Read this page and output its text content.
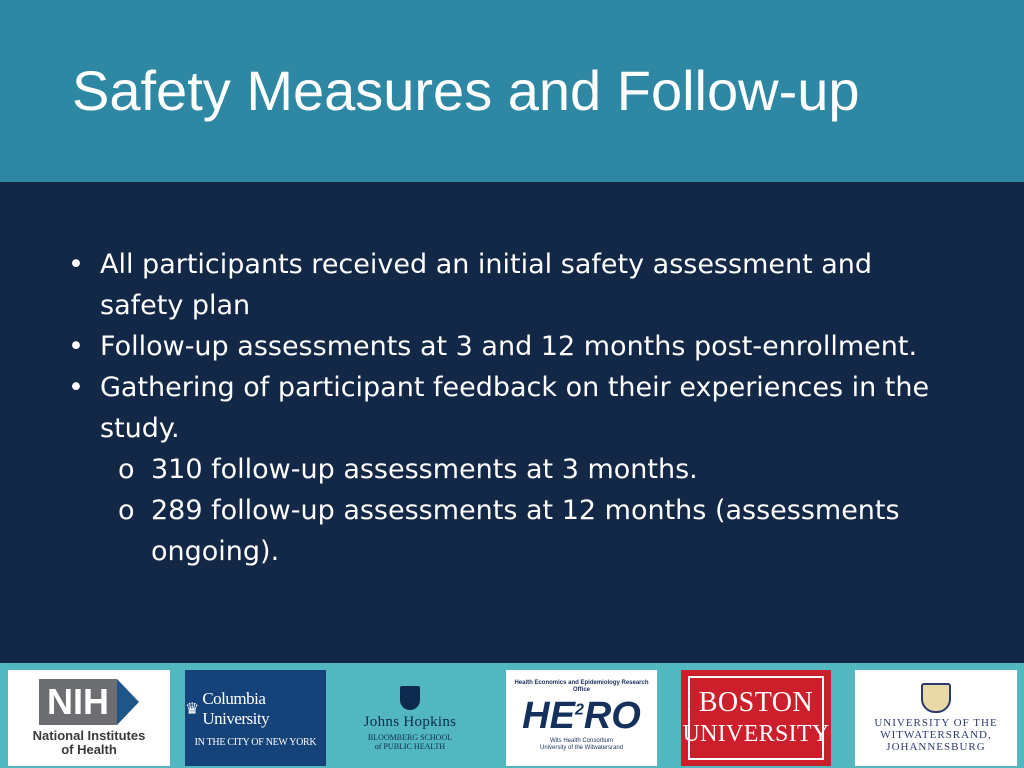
Safety Measures and Follow-up
• All participants received an initial safety assessment and safety plan
• Follow-up assessments at 3 and 12 months post-enrollment.
• Gathering of participant feedback on their experiences in the study.
o 310 follow-up assessments at 3 months.
o 289 follow-up assessments at 12 months (assessments ongoing).
NIH
National Institutes
of Health
♛
Columbia University
IN THE CITY OF NEW YORK
Johns Hopkins
BLOOMBERG SCHOOL
of PUBLIC HEALTH
Health Economics and Epidemiology Research Office
$HE^2RO$
Wits Health Consortium
University of the Witwatersrand
BOSTON
UNIVERSITY	UNIVERSITY OF THE
WITWATERSRAND,
JOHANNESBURG
